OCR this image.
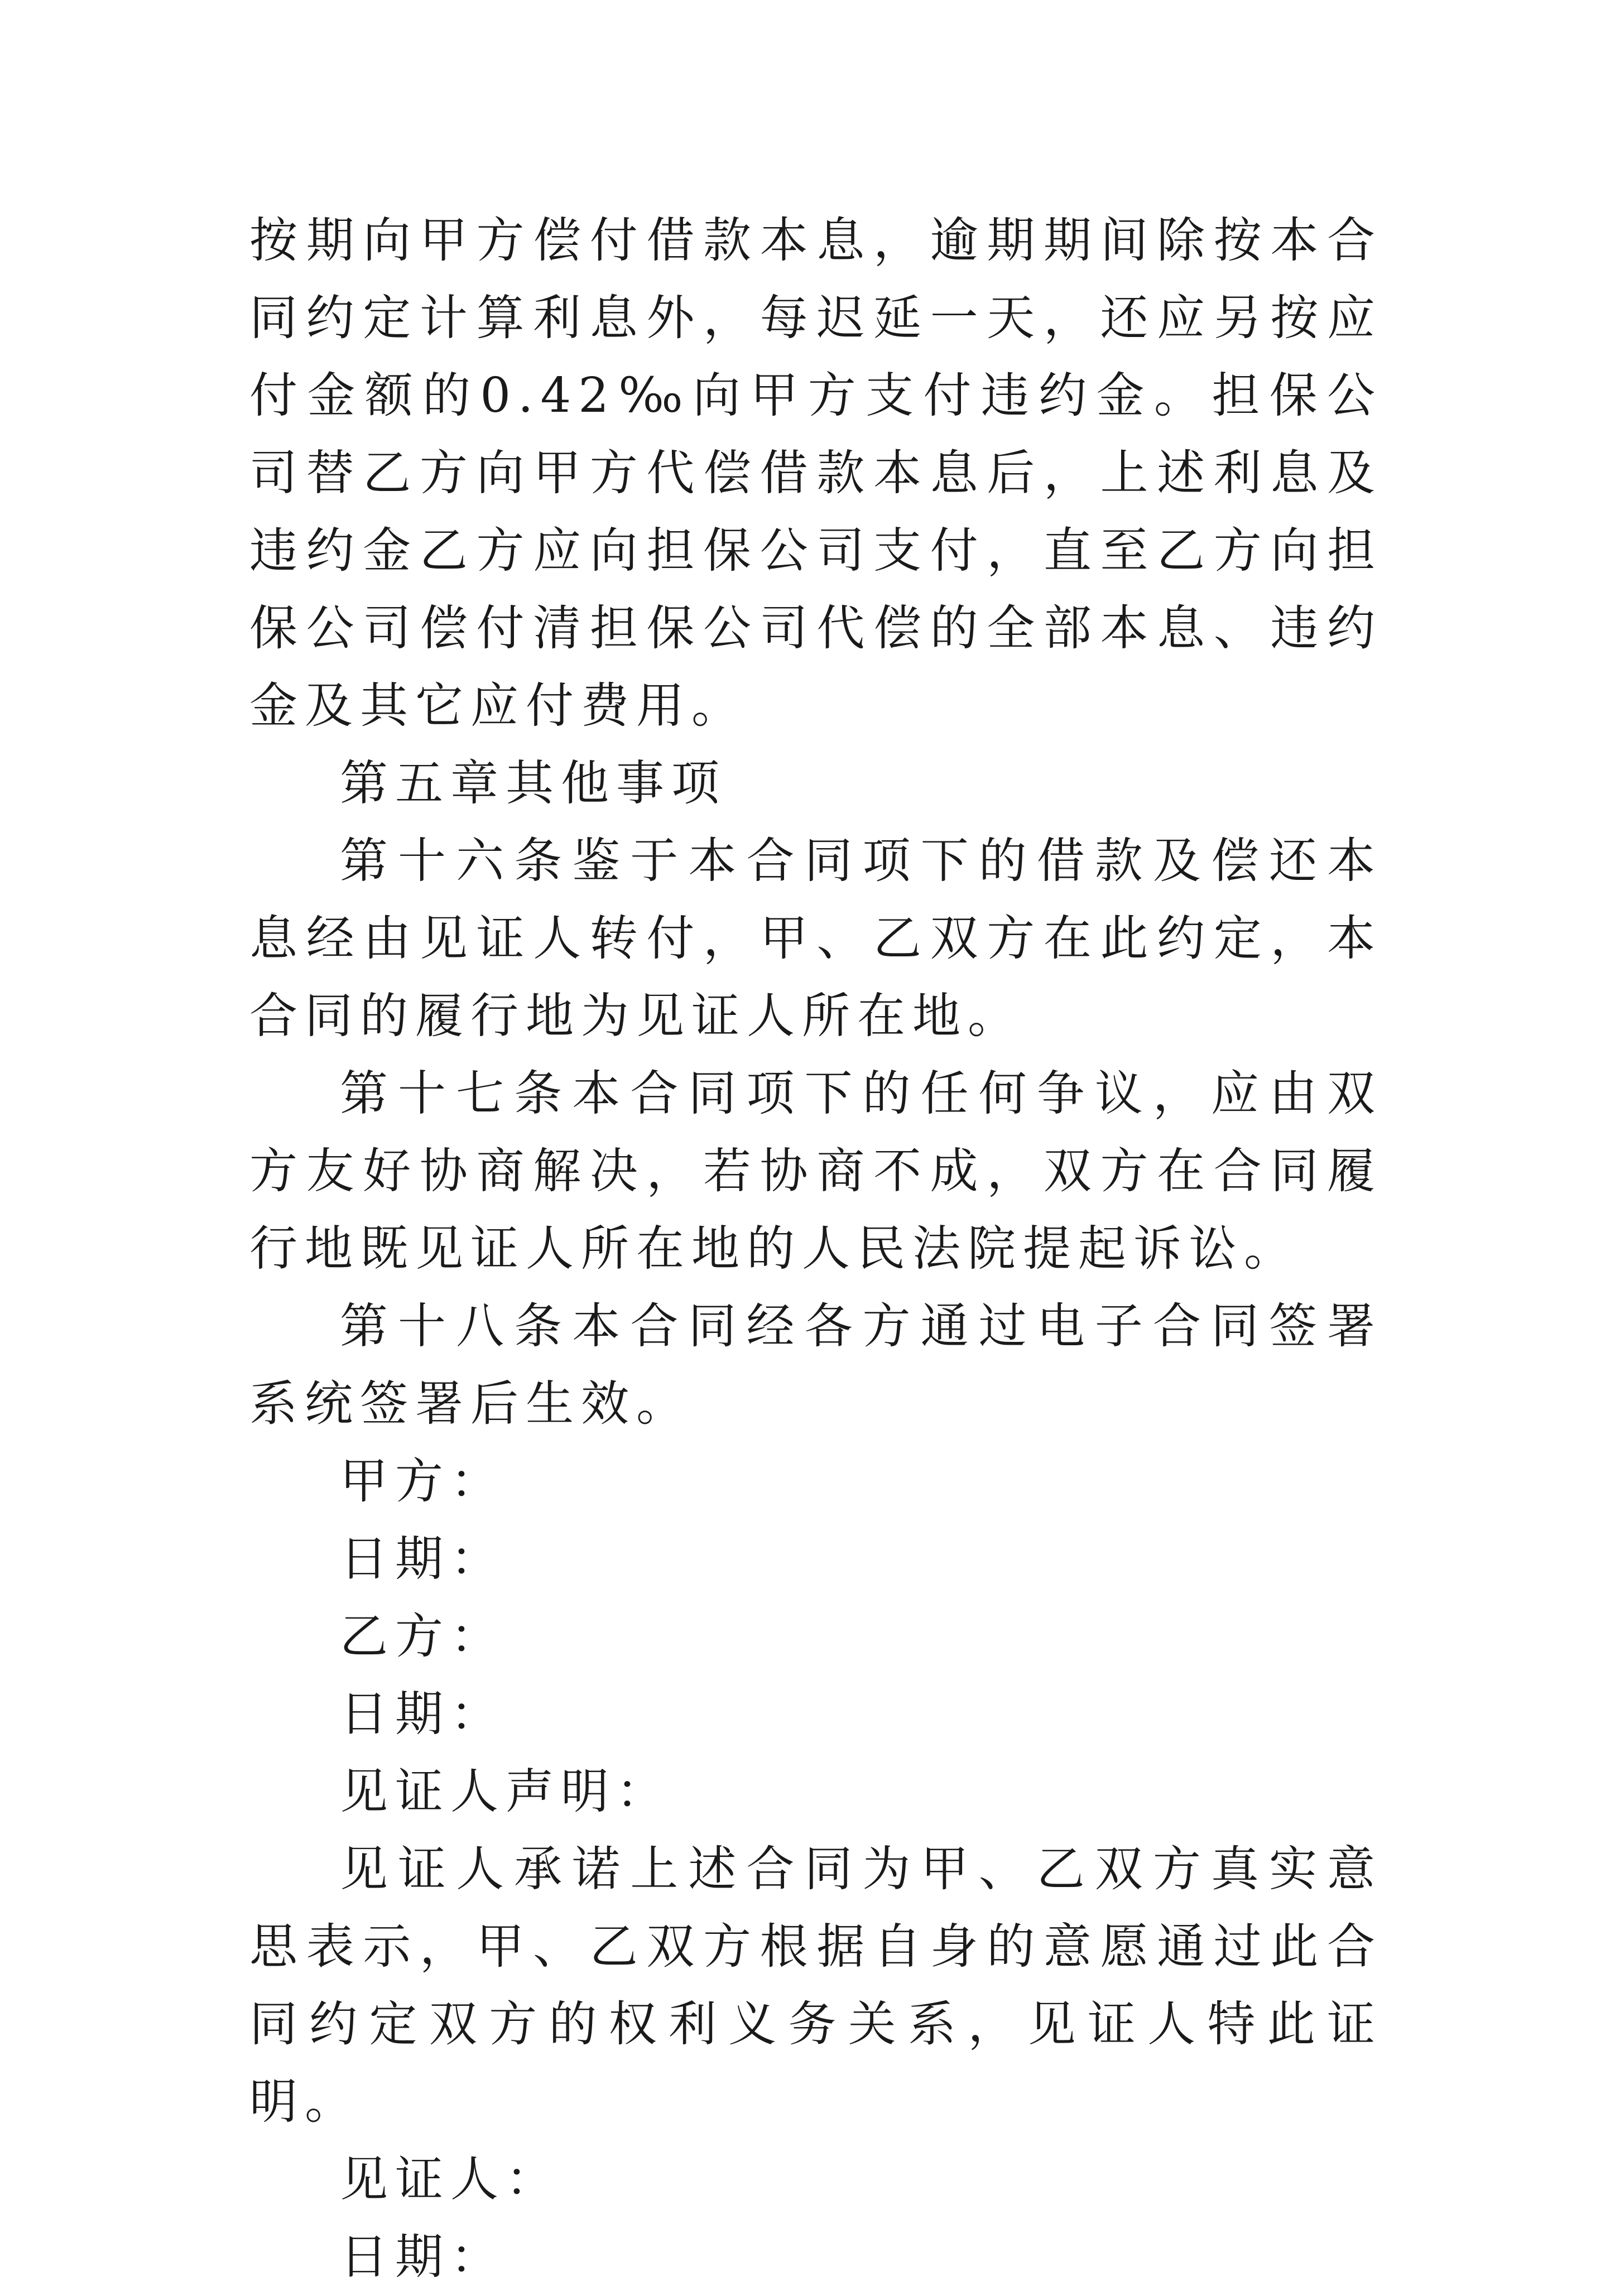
按期向甲方偿付借款本息，逾期期间除按本合同约定计算利息外，每迟延一天，还应另按应付金额的0.42‰向甲方支付违约金。担保公司替乙方向甲方代偿借款本息后，上述利息及违约金乙方应向担保公司支付，直至乙方向担保公司偿付清担保公司代偿的全部本息、违约金及其它应付费用。

第五章其他事项

第十六条鉴于本合同项下的借款及偿还本息经由见证人转付，甲、乙双方在此约定，本合同的履行地为见证人所在地。

第十七条本合同项下的任何争议，应由双方友好协商解决，若协商不成，双方在合同履行地既见证人所在地的人民法院提起诉讼。

第十八条本合同经各方通过电子合同签署系统签署后生效。

甲方：

日期：

乙方：

日期：

见证人声明：

见证人承诺上述合同为甲、乙双方真实意思表示，甲、乙双方根据自身的意愿通过此合同约定双方的权利义务关系，见证人特此证明。

见证人：

日期：
